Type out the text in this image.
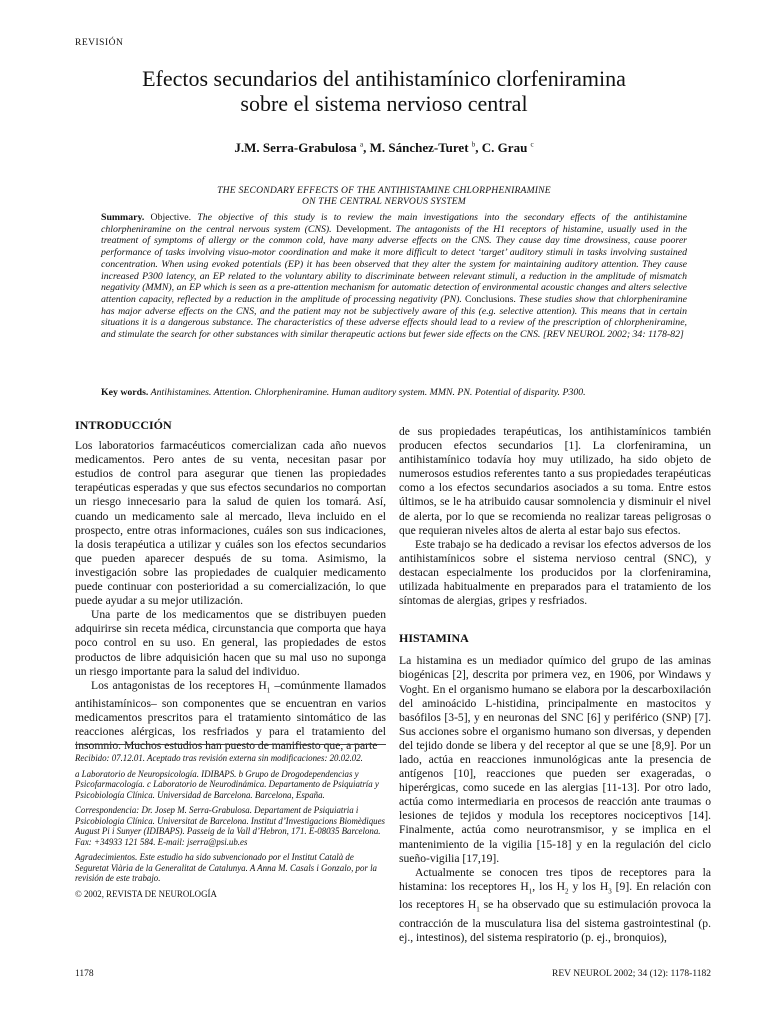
REVISIÓN
Efectos secundarios del antihistamínico clorfeniramina
sobre el sistema nervioso central
J.M. Serra-Grabulosa $^a$, M. Sánchez-Turet $^b$, C. Grau $^c$
THE SECONDARY EFFECTS OF THE ANTIHISTAMINE CHLORPHENIRAMINE
ON THE CENTRAL NERVOUS SYSTEM
Summary. Objective. The objective of this study is to review the main investigations into the secondary effects of the antihistamine chlorpheniramine on the central nervous system (CNS). Development. The antagonists of the H1 receptors of histamine, usually used in the treatment of symptoms of allergy or the common cold, have many adverse effects on the CNS. They cause day time drowsiness, cause poorer performance of tasks involving visuo-motor coordination and make it more difficult to detect ‘target’ auditory stimuli in tasks involving sustained concentration. When using evoked potentials (EP) it has been observed that they alter the system for maintaining auditory attention. They cause increased P300 latency, an EP related to the voluntary ability to discriminate between relevant stimuli, a reduction in the amplitude of mismatch negativity (MMN), an EP which is seen as a pre-attention mechanism for automatic detection of environmental acoustic changes and alters selective attention capacity, reflected by a reduction in the amplitude of processing negativity (PN). Conclusions. These studies show that chlorpheniramine has major adverse effects on the CNS, and the patient may not be subjectively aware of this (e.g. selective attention). This means that in certain situations it is a dangerous substance. The characteristics of these adverse effects should lead to a review of the prescription of chlorpheniramine, and stimulate the search for other substances with similar therapeutic actions but fewer side effects on the CNS. [REV NEUROL 2002; 34: 1178-82]
Key words. Antihistamines. Attention. Chlorpheniramine. Human auditory system. MMN. PN. Potential of disparity. P300.
INTRODUCCIÓN

Los laboratorios farmacéuticos comercializan cada año nuevos medicamentos. Pero antes de su venta, necesitan pasar por estudios de control para asegurar que tienen las propiedades terapéuticas esperadas y que sus efectos secundarios no comportan un riesgo innecesario para la salud de quien los tomará. Así, cuando un medicamento sale al mercado, lleva incluido en el prospecto, entre otras informaciones, cuáles son sus indicaciones, la dosis terapéutica a utilizar y cuáles son los efectos secundarios que pueden aparecer después de su toma. Asimismo, la investigación sobre las propiedades de cualquier medicamento puede continuar con posterioridad a su comercialización, lo que puede ayudar a su mejor utilización.

Una parte de los medicamentos que se distribuyen pueden adquirirse sin receta médica, circunstancia que comporta que haya poco control en su uso. En general, las propiedades de estos productos de libre adquisición hacen que su mal uso no suponga un riesgo importante para la salud del individuo.

Los antagonistas de los receptores $H_1$ –comúnmente llamados antihistamínicos– son componentes que se encuentran en varios medicamentos prescritos para el tratamiento sintomático de las reacciones alérgicas, los resfriados y para el tratamiento del insomnio. Muchos estudios han puesto de manifiesto que, a parte

Recibido: 07.12.01. Aceptado tras revisión externa sin modificaciones: 20.02.02.

a Laboratorio de Neuropsicología. IDIBAPS. b Grupo de Drogodependencias y Psicofarmacología. c Laboratorio de Neurodinámica. Departamento de Psiquiatría y Psicobiología Clínica. Universidad de Barcelona. Barcelona, España.

Correspondencia: Dr. Josep M. Serra-Grabulosa. Departament de Psiquiatria i Psicobiologia Clínica. Universitat de Barcelona. Institut d’Investigacions Biomèdiques August Pi i Sunyer (IDIBAPS). Passeig de la Vall d’Hebron, 171. E-08035 Barcelona. Fax: +34933 121 584. E-mail: jserra@psi.ub.es

Agradecimientos. Este estudio ha sido subvencionado por el Institut Català de Seguretat Viària de la Generalitat de Catalunya. A Anna M. Casals i Gonzalo, por la revisión de este trabajo.

© 2002, REVISTA DE NEUROLOGÍA

de sus propiedades terapéuticas, los antihistamínicos también producen efectos secundarios [1]. La clorfeniramina, un antihistamínico todavía hoy muy utilizado, ha sido objeto de numerosos estudios referentes tanto a sus propiedades terapéuticas como a los efectos secundarios asociados a su toma. Entre estos últimos, se le ha atribuido causar somnolencia y disminuir el nivel de alerta, por lo que se recomienda no realizar tareas peligrosas o que requieran niveles altos de alerta al estar bajo sus efectos.

Este trabajo se ha dedicado a revisar los efectos adversos de los antihistamínicos sobre el sistema nervioso central (SNC), y destacan especialmente los producidos por la clorfeniramina, utilizada habitualmente en preparados para el tratamiento de los síntomas de alergias, gripes y resfriados.

HISTAMINA

La histamina es un mediador químico del grupo de las aminas biogénicas [2], descrita por primera vez, en 1906, por Windaws y Voght. En el organismo humano se elabora por la descarboxilación del aminoácido L-histidina, principalmente en mastocitos y basófilos [3-5], y en neuronas del SNC [6] y periférico (SNP) [7]. Sus acciones sobre el organismo humano son diversas, y dependen del tejido donde se libera y del receptor al que se une [8,9]. Por un lado, actúa en reacciones inmunológicas ante la presencia de antígenos [10], reacciones que pueden ser exageradas, o hiperérgicas, como sucede en las alergias [11-13]. Por otro lado, actúa como intermediaria en procesos de reacción ante traumas o lesiones de tejidos y modula los receptores nociceptivos [14]. Finalmente, actúa como neurotransmisor, y se implica en el mantenimiento de la vigilia [15-18] y en la regulación del ciclo sueño-vigilia [17,19].

Actualmente se conocen tres tipos de receptores para la histamina: los receptores $H_1$, los $H_2$ y los $H_3$ [9]. En relación con los receptores $H_1$ se ha observado que su estimulación provoca la contracción de la musculatura lisa del sistema gastrointestinal (p. ej., intestinos), del sistema respiratorio (p. ej., bronquios),

1178	REV NEUROL 2002; 34 (12): 1178-1182
